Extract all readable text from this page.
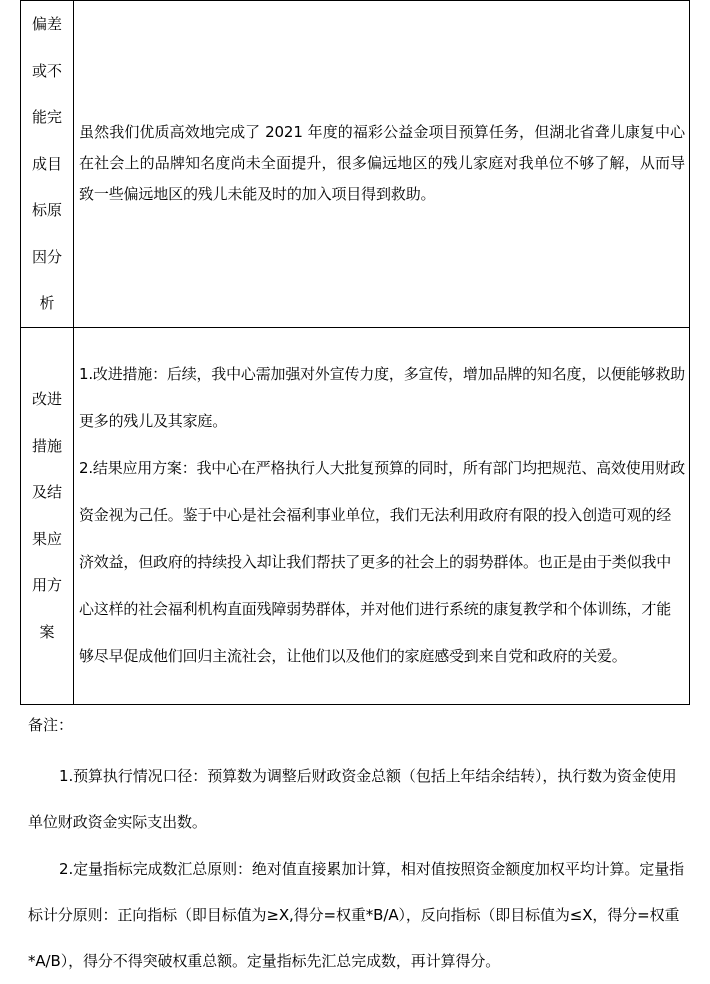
偏差或不能完成目标原因分析	虽然我们优质高效地完成了 2021 年度的福彩公益金项目预算任务，但湖北省聋儿康复中心在社会上的品牌知名度尚未全面提升，很多偏远地区的残儿家庭对我单位不够了解，从而导致一些偏远地区的残儿未能及时的加入项目得到救助。

改进措施及结果应用方案	1.改进措施：后续，我中心需加强对外宣传力度，多宣传，增加品牌的知名度，以便能够救助更多的残儿及其家庭。
2.结果应用方案：我中心在严格执行人大批复预算的同时，所有部门均把规范、高效使用财政资金视为己任。鉴于中心是社会福利事业单位，我们无法利用政府有限的投入创造可观的经济效益，但政府的持续投入却让我们帮扶了更多的社会上的弱势群体。也正是由于类似我中心这样的社会福利机构直面残障弱势群体，并对他们进行系统的康复教学和个体训练，才能够尽早促成他们回归主流社会，让他们以及他们的家庭感受到来自党和政府的关爱。
备注：
1.预算执行情况口径：预算数为调整后财政资金总额（包括上年结余结转），执行数为资金使用单位财政资金实际支出数。
2.定量指标完成数汇总原则：绝对值直接累加计算，相对值按照资金额度加权平均计算。定量指标计分原则：正向指标（即目标值为≥X,得分=权重*B/A），反向指标（即目标值为≤X，得分=权重*A/B），得分不得突破权重总额。定量指标先汇总完成数，再计算得分。
